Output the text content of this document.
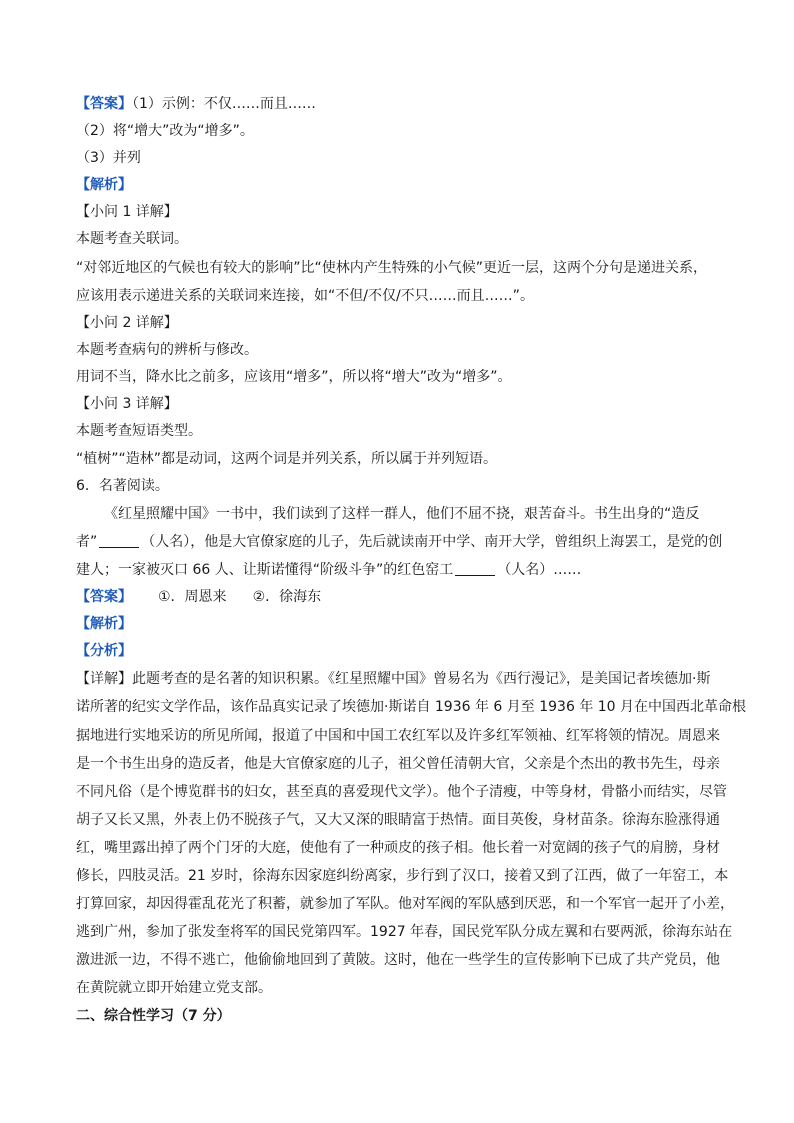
【答案】（1）示例：不仅……而且……
（2）将“增大”改为“增多”。
（3）并列
【解析】
【小问 1 详解】
本题考查关联词。
“对邻近地区的气候也有较大的影响”比“使林内产生特殊的小气候”更近一层，这两个分句是递进关系，
应该用表示递进关系的关联词来连接，如“不但/不仅/不只……而且……”。
【小问 2 详解】
本题考查病句的辨析与修改。
用词不当，降水比之前多，应该用“增多”，所以将“增大”改为“增多”。
【小问 3 详解】
本题考查短语类型。
“植树”“造林”都是动词，这两个词是并列关系，所以属于并列短语。
6．名著阅读。
《红星照耀中国》一书中，我们读到了这样一群人，他们不屈不挠，艰苦奋斗。书生出身的“造反
者”	（人名），他是大官僚家庭的儿子，先后就读南开中学、南开大学，曾组织上海罢工，是党的创
建人；一家被灭口 66 人、让斯诺懂得“阶级斗争”的红色窑工	（人名）……
【答案】 ①．周恩来 ②．徐海东
【解析】
【分析】
【详解】此题考查的是名著的知识积累。《红星照耀中国》曾易名为《西行漫记》，是美国记者埃德加·斯
诺所著的纪实文学作品，该作品真实记录了埃德加·斯诺自 1936 年 6 月至 1936 年 10 月在中国西北革命根
据地进行实地采访的所见所闻，报道了中国和中国工农红军以及许多红军领袖、红军将领的情况。周恩来
是一个书生出身的造反者，他是大官僚家庭的儿子，祖父曾任清朝大官，父亲是个杰出的教书先生，母亲
不同凡俗（是个博览群书的妇女，甚至真的喜爱现代文学）。他个子清瘦，中等身材，骨骼小而结实，尽管
胡子又长又黑，外表上仍不脱孩子气，又大又深的眼睛富于热情。面目英俊，身材苗条。徐海东脸涨得通
红，嘴里露出掉了两个门牙的大庭，使他有了一种顽皮的孩子相。他长着一对宽阔的孩子气的肩膀，身材
修长，四肢灵活。21 岁时，徐海东因家庭纠纷离家，步行到了汉口，接着又到了江西，做了一年窑工，本
打算回家，却因得霍乱花光了积蓄，就参加了军队。他对军阀的军队感到厌恶，和一个军官一起开了小差，
逃到广州，参加了张发奎将军的国民党第四军。1927 年春，国民党军队分成左翼和右要两派，徐海东站在
激进派一边，不得不逃亡，他偷偷地回到了黄陂。这时，他在一些学生的宣传影响下已成了共产党员，他
在黄院就立即开始建立党支部。
二、综合性学习（7 分）
